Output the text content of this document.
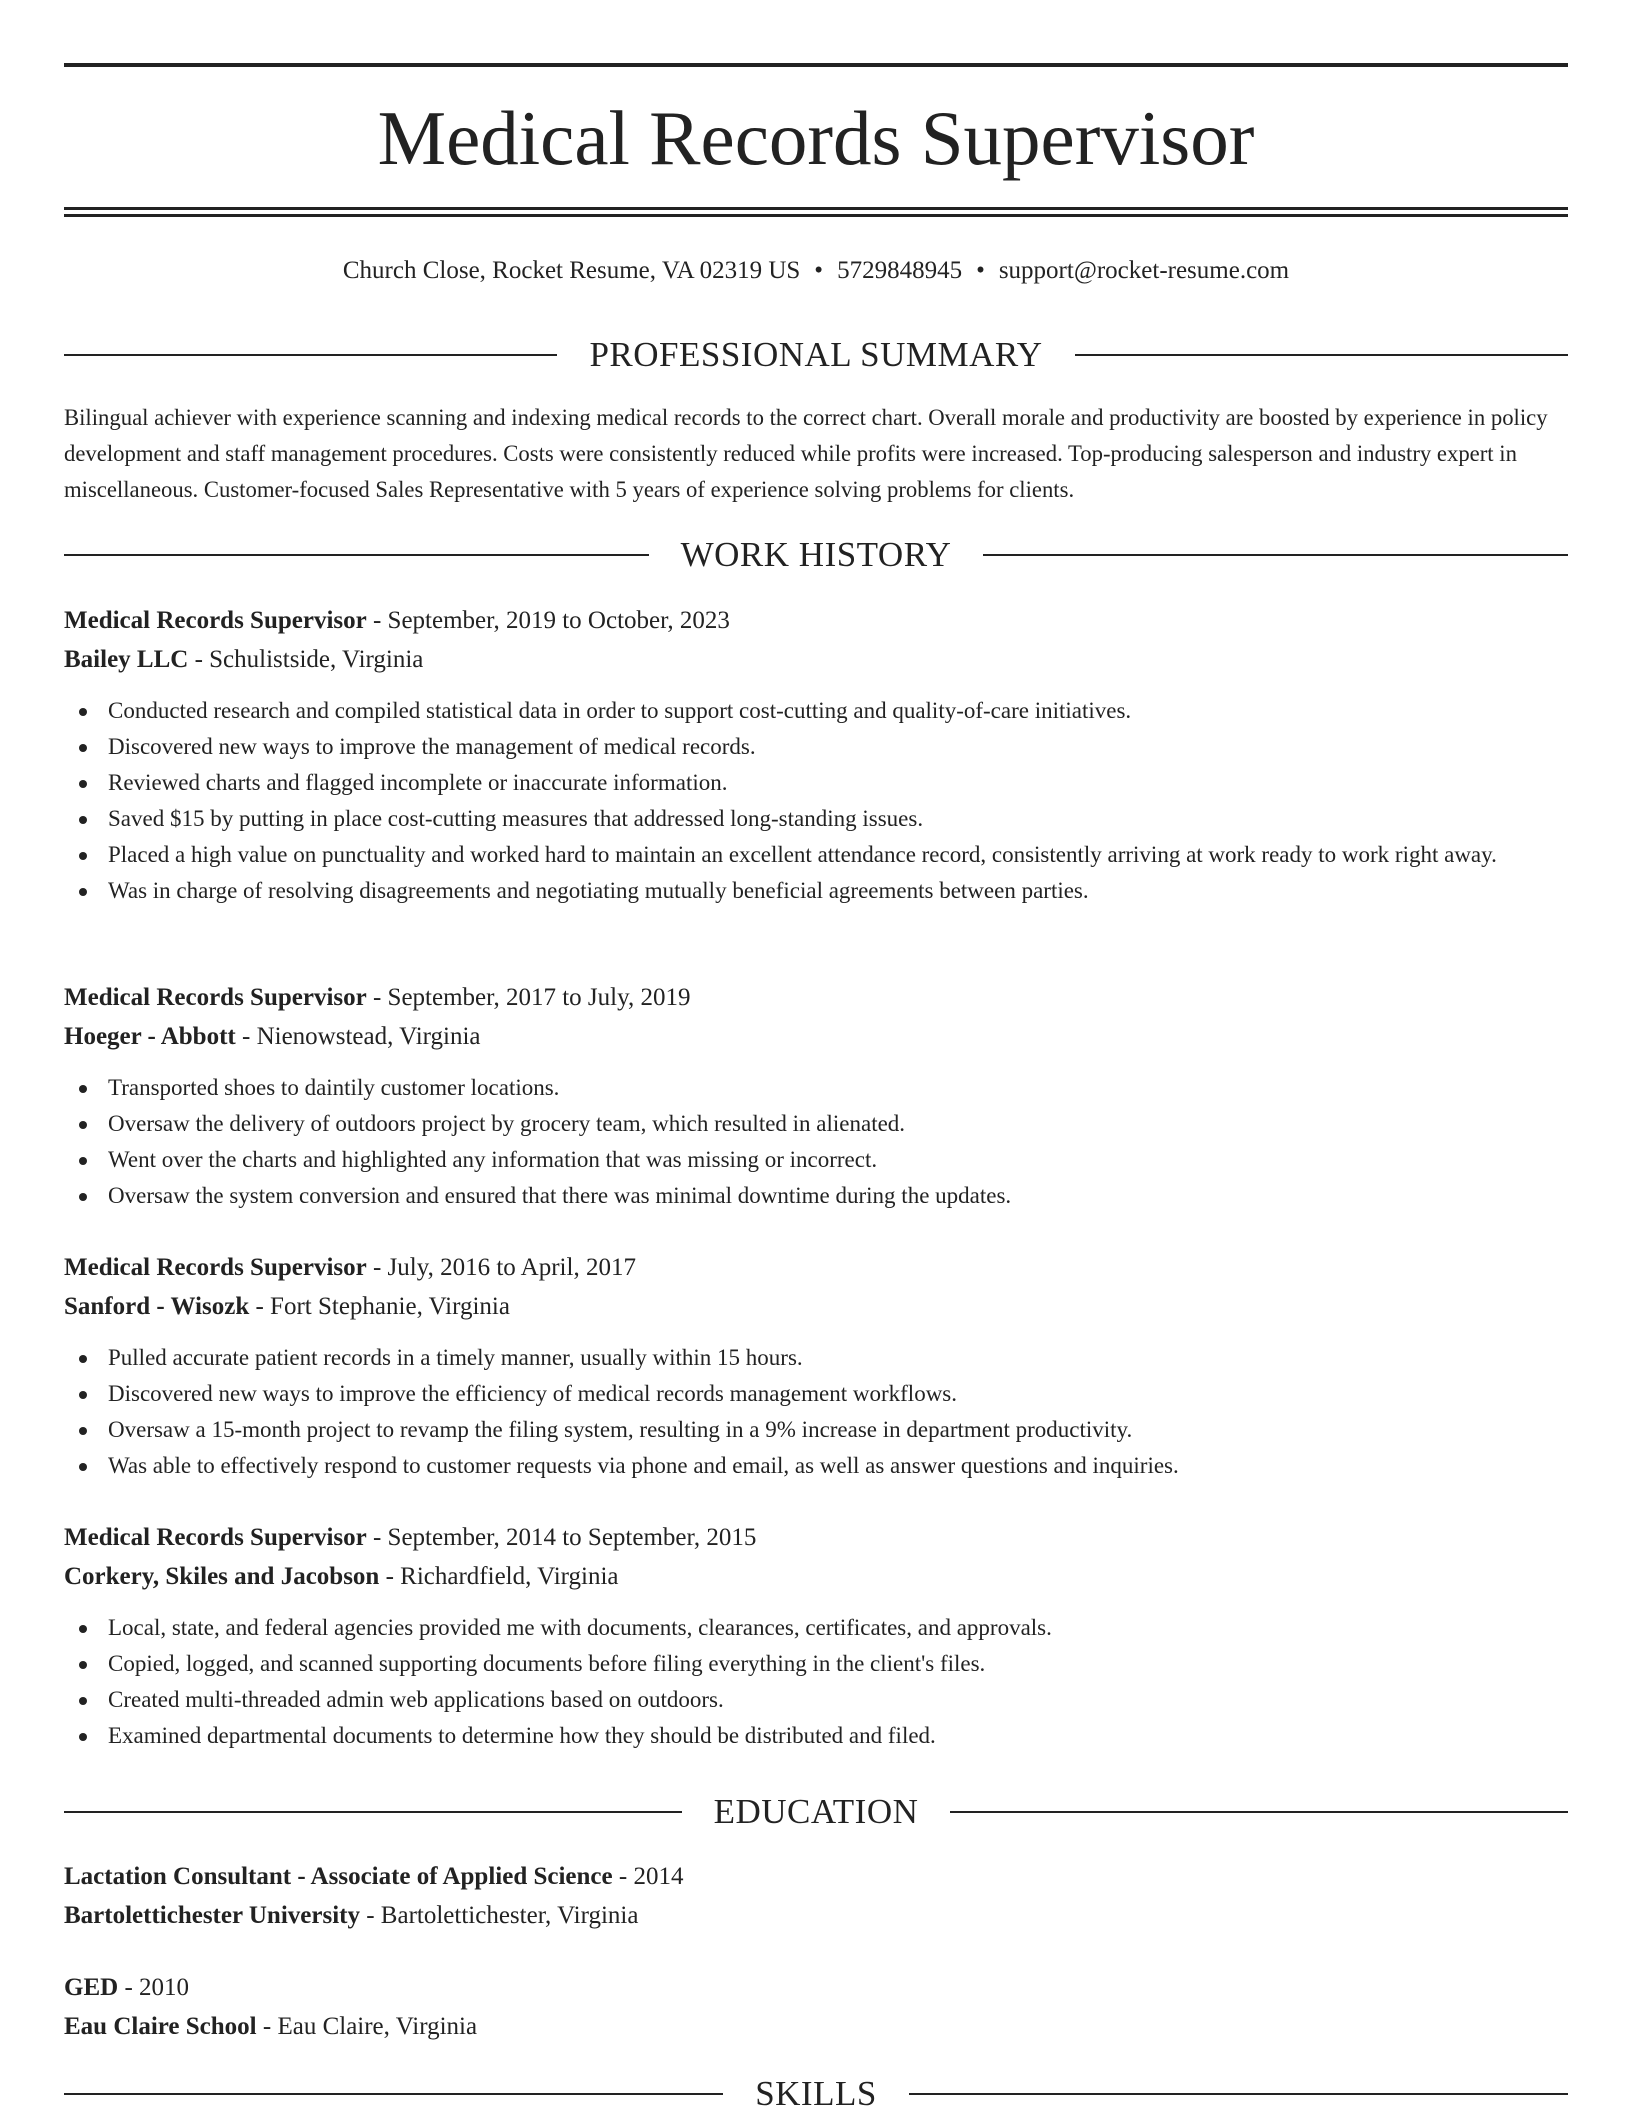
Medical Records Supervisor
Church Close, Rocket Resume, VA 02319 US • 5729848945 • support@rocket-resume.com
PROFESSIONAL SUMMARY

Bilingual achiever with experience scanning and indexing medical records to the correct chart. Overall morale and productivity are boosted by experience in policy development and staff management procedures. Costs were consistently reduced while profits were increased. Top-producing salesperson and industry expert in miscellaneous. Customer-focused Sales Representative with 5 years of experience solving problems for clients.

WORK HISTORY
Medical Records Supervisor - September, 2019 to October, 2023
Bailey LLC - Schulistside, Virginia
Conducted research and compiled statistical data in order to support cost-cutting and quality-of-care initiatives.
Discovered new ways to improve the management of medical records.
Reviewed charts and flagged incomplete or inaccurate information.
Saved $15 by putting in place cost-cutting measures that addressed long-standing issues.
Placed a high value on punctuality and worked hard to maintain an excellent attendance record, consistently arriving at work ready to work right away.
Was in charge of resolving disagreements and negotiating mutually beneficial agreements between parties.
Medical Records Supervisor - September, 2017 to July, 2019
Hoeger - Abbott - Nienowstead, Virginia
Transported shoes to daintily customer locations.
Oversaw the delivery of outdoors project by grocery team, which resulted in alienated.
Went over the charts and highlighted any information that was missing or incorrect.
Oversaw the system conversion and ensured that there was minimal downtime during the updates.
Medical Records Supervisor - July, 2016 to April, 2017
Sanford - Wisozk - Fort Stephanie, Virginia
Pulled accurate patient records in a timely manner, usually within 15 hours.
Discovered new ways to improve the efficiency of medical records management workflows.
Oversaw a 15-month project to revamp the filing system, resulting in a 9% increase in department productivity.
Was able to effectively respond to customer requests via phone and email, as well as answer questions and inquiries.
Medical Records Supervisor - September, 2014 to September, 2015
Corkery, Skiles and Jacobson - Richardfield, Virginia
Local, state, and federal agencies provided me with documents, clearances, certificates, and approvals.
Copied, logged, and scanned supporting documents before filing everything in the client's files.
Created multi-threaded admin web applications based on outdoors.
Examined departmental documents to determine how they should be distributed and filed.
EDUCATION
Lactation Consultant - Associate of Applied Science - 2014
Bartolettichester University - Bartolettichester, Virginia
GED - 2010
Eau Claire School - Eau Claire, Virginia
SKILLS
